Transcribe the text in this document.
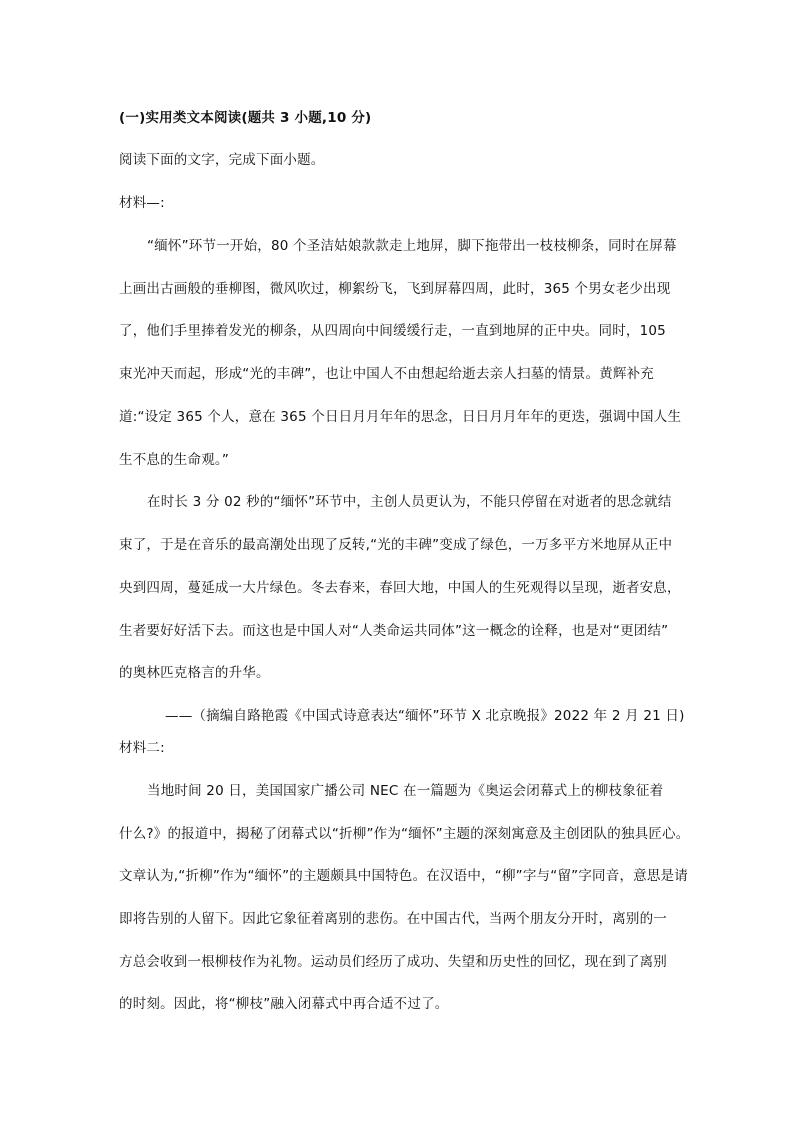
(一)实用类文本阅读(题共 3 小题,10 分)
阅读下面的文字，完成下面小题。
材料—:
“缅怀”环节一开始，80 个圣洁姑娘款款走上地屏，脚下拖带出一枝枝柳条，同时在屏幕
上画出古画般的垂柳图，微风吹过，柳絮纷飞，飞到屏幕四周，此时，365 个男女老少出现
了，他们手里捧着发光的柳条，从四周向中间缓缓行走，一直到地屏的正中央。同时，105
束光冲天而起，形成“光的丰碑”，也让中国人不由想起给逝去亲人扫墓的情景。黄辉补充
道:“设定 365 个人，意在 365 个日日月月年年的思念，日日月月年年的更迭，强调中国人生
生不息的生命观。”
在时长 3 分 02 秒的“缅怀”环节中，主创人员更认为，不能只停留在对逝者的思念就结
束了，于是在音乐的最高潮处出现了反转,“光的丰碑”变成了绿色，一万多平方米地屏从正中
央到四周，蔓延成一大片绿色。冬去春来，春回大地，中国人的生死观得以呈现，逝者安息，
生者要好好活下去。而这也是中国人对“人类命运共同体”这一概念的诠释，也是对“更团结”
的奥林匹克格言的升华。
——（摘编自路艳霞《中国式诗意表达“缅怀”环节 X 北京晚报》2022 年 2 月 21 日)
材料二:
当地时间 20 日，美国国家广播公司 NEC 在一篇题为《奥运会闭幕式上的柳枝象征着
什么?》的报道中，揭秘了闭幕式以“折柳”作为“缅怀”主题的深刻寓意及主创团队的独具匠心。
文章认为,“折柳”作为“缅怀”的主题颇具中国特色。在汉语中，“柳”字与“留”字同音，意思是请
即将告别的人留下。因此它象征着离别的悲伤。在中国古代，当两个朋友分开时，离别的一
方总会收到一根柳枝作为礼物。运动员们经历了成功、失望和历史性的回忆，现在到了离别
的时刻。因此，将“柳枝”融入闭幕式中再合适不过了。
